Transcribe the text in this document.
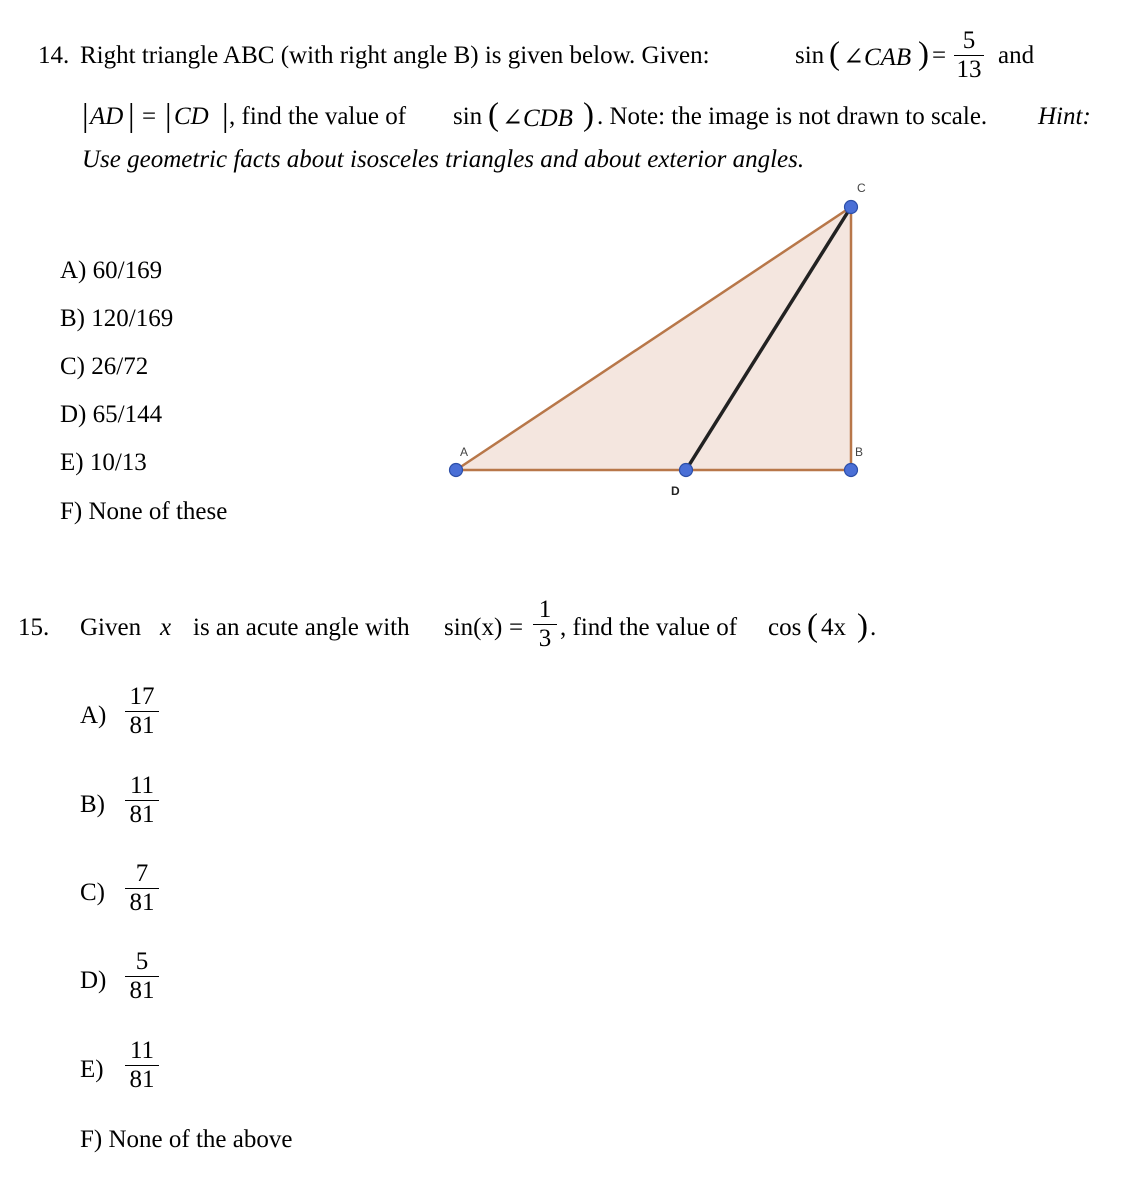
14. Right triangle ABC (with right angle B) is given below. Given:	sin ( ∠CAB ) =
5
13
and
| AD | = | CD | , find the value of sin ( ∠CDB ) . Note: the image is not drawn to scale. Hint:
Use geometric facts about isosceles triangles and about exterior angles.
A) 60/169
B) 120/169
C) 26/72
D) 65/144
E) 10/13
F) None of these
C
A
D
B
15. Given x is an acute angle with sin(x) =
1
3 , find the value of cos ( 4x ) .
A)
17
81
B)
11
81
C)
7
81
D)
5
81
E)
11
81
F) None of the above
